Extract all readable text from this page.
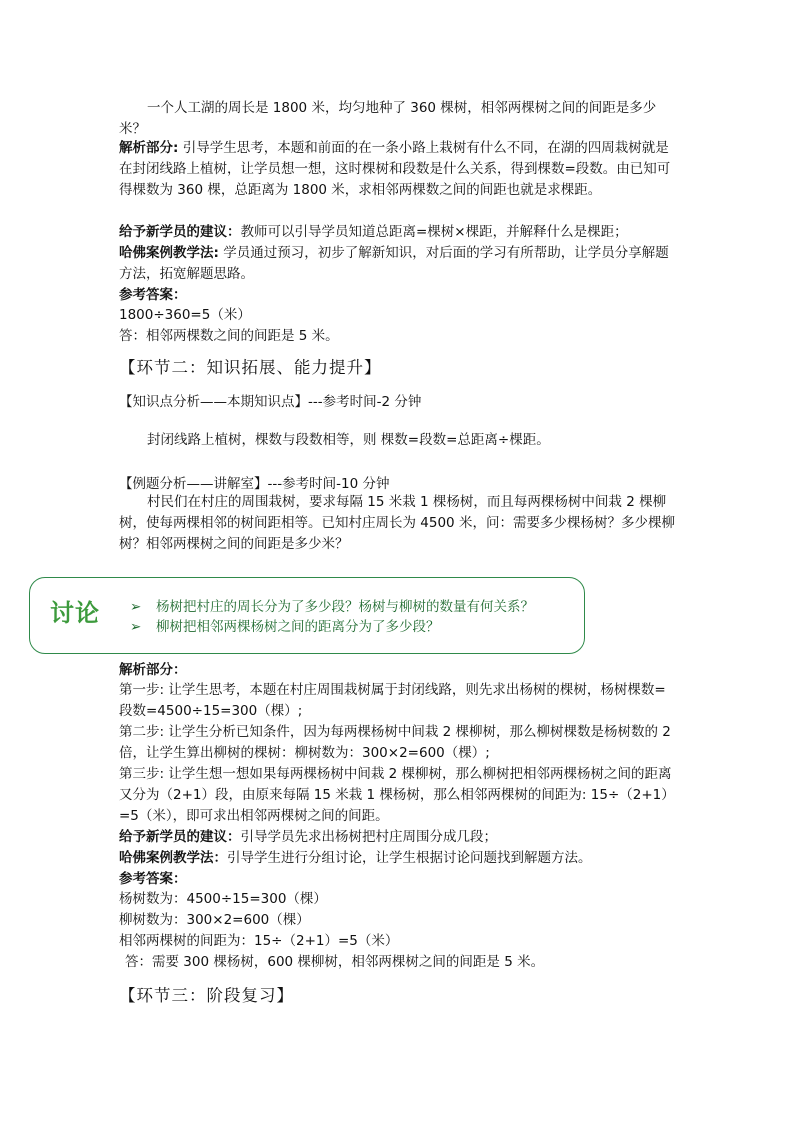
一个人工湖的周长是 1800 米，均匀地种了 360 棵树，相邻两棵树之间的间距是多少米？

解析部分: 引导学生思考，本题和前面的在一条小路上栽树有什么不同，在湖的四周栽树就是在封闭线路上植树，让学员想一想，这时棵树和段数是什么关系，得到棵数=段数。由已知可得棵数为 360 棵，总距离为 1800 米，求相邻两棵数之间的间距也就是求棵距。

给予新学员的建议：教师可以引导学员知道总距离=棵树×棵距，并解释什么是棵距；

哈佛案例教学法: 学员通过预习，初步了解新知识，对后面的学习有所帮助，让学员分享解题方法，拓宽解题思路。

参考答案：

1800÷360=5（米）

答：相邻两棵数之间的间距是 5 米。

【环节二：知识拓展、能力提升】
【知识点分析——本期知识点】---参考时间-2 分钟

封闭线路上植树，棵数与段数相等，则 棵数=段数=总距离÷棵距。

【例题分析——讲解室】---参考时间-10 分钟

村民们在村庄的周围栽树，要求每隔 15 米栽 1 棵杨树，而且每两棵杨树中间栽 2 棵柳树，使每两棵相邻的树间距相等。已知村庄周长为 4500 米，问：需要多少棵杨树？多少棵柳树？相邻两棵树之间的间距是多少米？

解析部分：

第一步: 让学生思考，本题在村庄周围栽树属于封闭线路，则先求出杨树的棵树，杨树棵数=段数=4500÷15=300（棵）;

第二步: 让学生分析已知条件，因为每两棵杨树中间栽 2 棵柳树，那么柳树棵数是杨树数的 2 倍，让学生算出柳树的棵树：柳树数为：300×2=600（棵）;

第三步: 让学生想一想如果每两棵杨树中间栽 2 棵柳树，那么柳树把相邻两棵杨树之间的距离又分为（2+1）段，由原来每隔 15 米栽 1 棵杨树，那么相邻两棵树的间距为: 15÷（2+1）=5（米），即可求出相邻两棵树之间的间距。

给予新学员的建议：引导学员先求出杨树把村庄周围分成几段；

哈佛案例教学法：引导学生进行分组讨论，让学生根据讨论问题找到解题方法。

参考答案：

杨树数为：4500÷15=300（棵）

柳树数为：300×2=600（棵）

相邻两棵树的间距为：15÷（2+1）=5（米）

答：需要 300 棵杨树，600 棵柳树，相邻两棵树之间的间距是 5 米。

【环节三：阶段复习】
讨论 ➢ 杨树把村庄的周长分为了多少段？杨树与柳树的数量有何关系？
➢ 柳树把相邻两棵杨树之间的距离分为了多少段？
